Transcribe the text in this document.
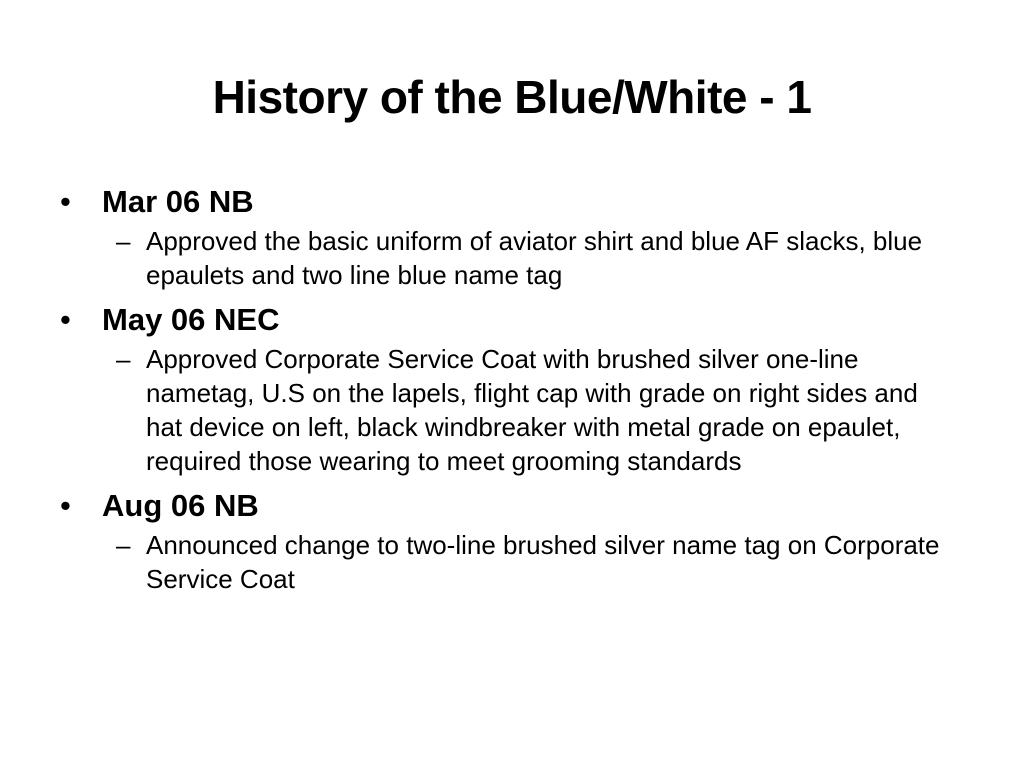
History of the Blue/White - 1
• Mar 06 NB
– Approved the basic uniform of aviator shirt and blue AF slacks, blue epaulets and two line blue name tag
• May 06 NEC
– Approved Corporate Service Coat with brushed silver one-line nametag, U.S on the lapels, flight cap with grade on right sides and hat device on left, black windbreaker with metal grade on epaulet, required those wearing to meet grooming standards
• Aug 06 NB
– Announced change to two-line brushed silver name tag on Corporate Service Coat
